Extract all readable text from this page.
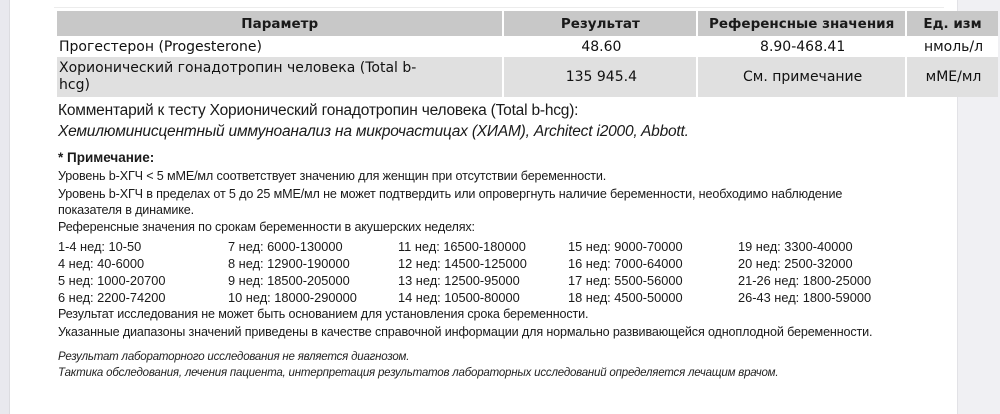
Параметр	Результат	Референсные значения	Ед. изм
Прогестерон (Progesterone)	48.60	8.90-468.41	нмоль/л
Хорионический гонадотропин человека (Total b-hcg)	135 945.4	См. примечание	мМЕ/мл
Комментарий к тесту Хорионический гонадотропин человека (Total b-hcg):
Хемилюминисцентный иммуноанализ на микрочастицах (ХИАМ), Architect i2000, Abbott.
* Примечание:
Уровень b-ХГЧ < 5 мМЕ/мл соответствует значению для женщин при отсутствии беременности.
Уровень b-ХГЧ в пределах от 5 до 25 мМЕ/мл не может подтвердить или опровергнуть наличие беременности, необходимо наблюдение
показателя в динамике.
Референсные значения по срокам беременности в акушерских неделях:
1-4 нед: 10-50	7 нед: 6000-130000	11 нед: 16500-180000	15 нед: 9000-70000	19 нед: 3300-40000
4 нед: 40-6000	8 нед: 12900-190000	12 нед: 14500-125000	16 нед: 7000-64000	20 нед: 2500-32000
5 нед: 1000-20700	9 нед: 18500-205000	13 нед: 12500-95000	17 нед: 5500-56000	21-26 нед: 1800-25000
6 нед: 2200-74200	10 нед: 18000-290000	14 нед: 10500-80000	18 нед: 4500-50000	26-43 нед: 1800-59000
Результат исследования не может быть основанием для установления срока беременности.
Указанные диапазоны значений приведены в качестве справочной информации для нормально развивающейся одноплодной беременности.
Результат лабораторного исследования не является диагнозом.
Тактика обследования, лечения пациента, интерпретация результатов лабораторных исследований определяется лечащим врачом.
